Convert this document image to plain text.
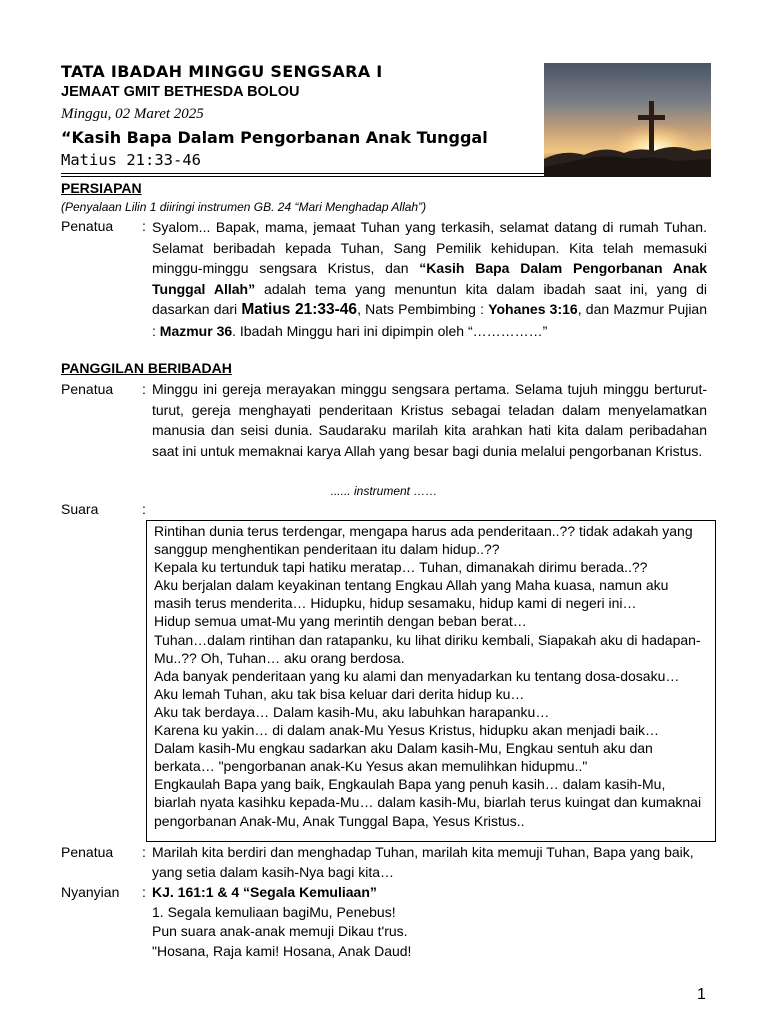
TATA IBADAH MINGGU SENGSARA I
JEMAAT GMIT BETHESDA BOLOU
Minggu, 02 Maret 2025
“Kasih Bapa Dalam Pengorbanan Anak Tunggal
Matius 21:33-46
PERSIAPAN
(Penyalaan Lilin 1 diiringi instrumen GB. 24 “Mari Menghadap Allah”)
Penatua : Syalom... Bapak, mama, jemaat Tuhan yang terkasih, selamat datang di rumah Tuhan. Selamat beribadah kepada Tuhan, Sang Pemilik kehidupan. Kita telah memasuki minggu-minggu sengsara Kristus, dan “Kasih Bapa Dalam Pengorbanan Anak Tunggal Allah” adalah tema yang menuntun kita dalam ibadah saat ini, yang di dasarkan dari Matius 21:33-46, Nats Pembimbing : Yohanes 3:16, dan Mazmur Pujian : Mazmur 36. Ibadah Minggu hari ini dipimpin oleh “……………”
PANGGILAN BERIBADAH
Penatua : Minggu ini gereja merayakan minggu sengsara pertama. Selama tujuh minggu berturut-turut, gereja menghayati penderitaan Kristus sebagai teladan dalam menyelamatkan manusia dan seisi dunia. Saudaraku marilah kita arahkan hati kita dalam peribadahan saat ini untuk memaknai karya Allah yang besar bagi dunia melalui pengorbanan Kristus.
...... instrument ……
Suara	:
Rintihan dunia terus terdengar, mengapa harus ada penderitaan..?? tidak adakah yang
sanggup menghentikan penderitaan itu dalam hidup..??
Kepala ku tertunduk tapi hatiku meratap… Tuhan, dimanakah dirimu berada..??
Aku berjalan dalam keyakinan tentang Engkau Allah yang Maha kuasa, namun aku
masih terus menderita… Hidupku, hidup sesamaku, hidup kami di negeri ini…
Hidup semua umat-Mu yang merintih dengan beban berat…
Tuhan…dalam rintihan dan ratapanku, ku lihat diriku kembali, Siapakah aku di hadapan-
Mu..?? Oh, Tuhan… aku orang berdosa.
Ada banyak penderitaan yang ku alami dan menyadarkan ku tentang dosa-dosaku…
Aku lemah Tuhan, aku tak bisa keluar dari derita hidup ku…
Aku tak berdaya… Dalam kasih-Mu, aku labuhkan harapanku…
Karena ku yakin… di dalam anak-Mu Yesus Kristus, hidupku akan menjadi baik…
Dalam kasih-Mu engkau sadarkan aku Dalam kasih-Mu, Engkau sentuh aku dan
berkata… "pengorbanan anak-Ku Yesus akan memulihkan hidupmu.."
Engkaulah Bapa yang baik, Engkaulah Bapa yang penuh kasih… dalam kasih-Mu,
biarlah nyata kasihku kepada-Mu… dalam kasih-Mu, biarlah terus kuingat dan kumaknai
pengorbanan Anak-Mu, Anak Tunggal Bapa, Yesus Kristus..
Penatua : Marilah kita berdiri dan menghadap Tuhan, marilah kita memuji Tuhan, Bapa yang baik,
yang setia dalam kasih-Nya bagi kita…
Nyanyian : KJ. 161:1 & 4 “Segala Kemuliaan”
1. Segala kemuliaan bagiMu, Penebus!
Pun suara anak-anak memuji Dikau t'rus.
"Hosana, Raja kami! Hosana, Anak Daud!
1
